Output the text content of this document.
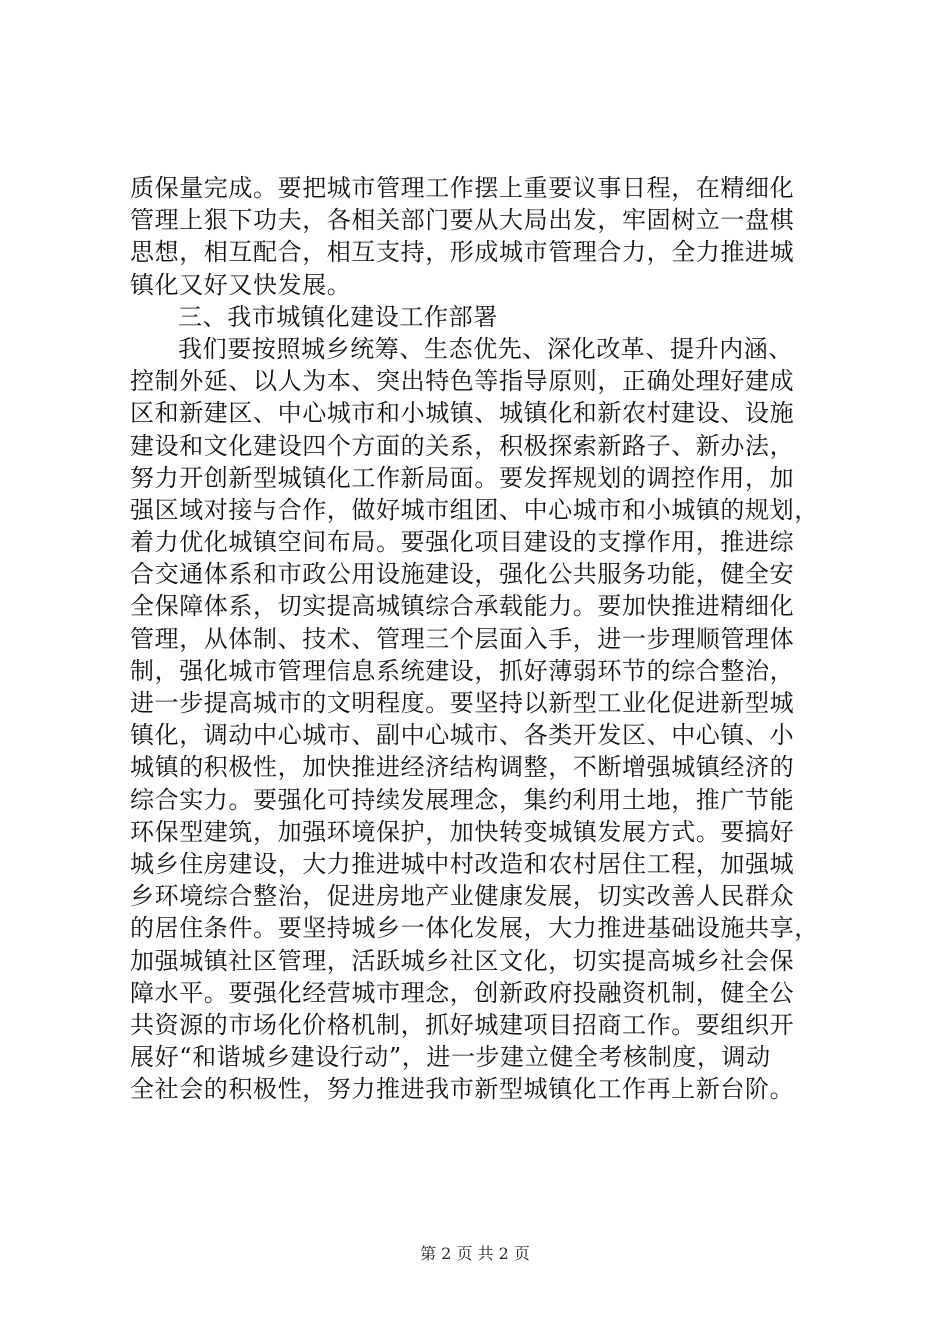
质保量完成。要把城市管理工作摆上重要议事日程，在精细化
管理上狠下功夫，各相关部门要从大局出发，牢固树立一盘棋
思想，相互配合，相互支持，形成城市管理合力，全力推进城
镇化又好又快发展。
三、我市城镇化建设工作部署
我们要按照城乡统筹、生态优先、深化改革、提升内涵、
控制外延、以人为本、突出特色等指导原则，正确处理好建成
区和新建区、中心城市和小城镇、城镇化和新农村建设、设施
建设和文化建设四个方面的关系，积极探索新路子、新办法，
努力开创新型城镇化工作新局面。要发挥规划的调控作用，加
强区域对接与合作，做好城市组团、中心城市和小城镇的规划，
着力优化城镇空间布局。要强化项目建设的支撑作用，推进综
合交通体系和市政公用设施建设，强化公共服务功能，健全安
全保障体系，切实提高城镇综合承载能力。要加快推进精细化
管理，从体制、技术、管理三个层面入手，进一步理顺管理体
制，强化城市管理信息系统建设，抓好薄弱环节的综合整治，
进一步提高城市的文明程度。要坚持以新型工业化促进新型城
镇化，调动中心城市、副中心城市、各类开发区、中心镇、小
城镇的积极性，加快推进经济结构调整，不断增强城镇经济的
综合实力。要强化可持续发展理念，集约利用土地，推广节能
环保型建筑，加强环境保护，加快转变城镇发展方式。要搞好
城乡住房建设，大力推进城中村改造和农村居住工程，加强城
乡环境综合整治，促进房地产业健康发展，切实改善人民群众
的居住条件。要坚持城乡一体化发展，大力推进基础设施共享，
加强城镇社区管理，活跃城乡社区文化，切实提高城乡社会保
障水平。要强化经营城市理念，创新政府投融资机制，健全公
共资源的市场化价格机制，抓好城建项目招商工作。要组织开
展好“和谐城乡建设行动”，进一步建立健全考核制度，调动
全社会的积极性，努力推进我市新型城镇化工作再上新台阶。
第 2 页 共 2 页
